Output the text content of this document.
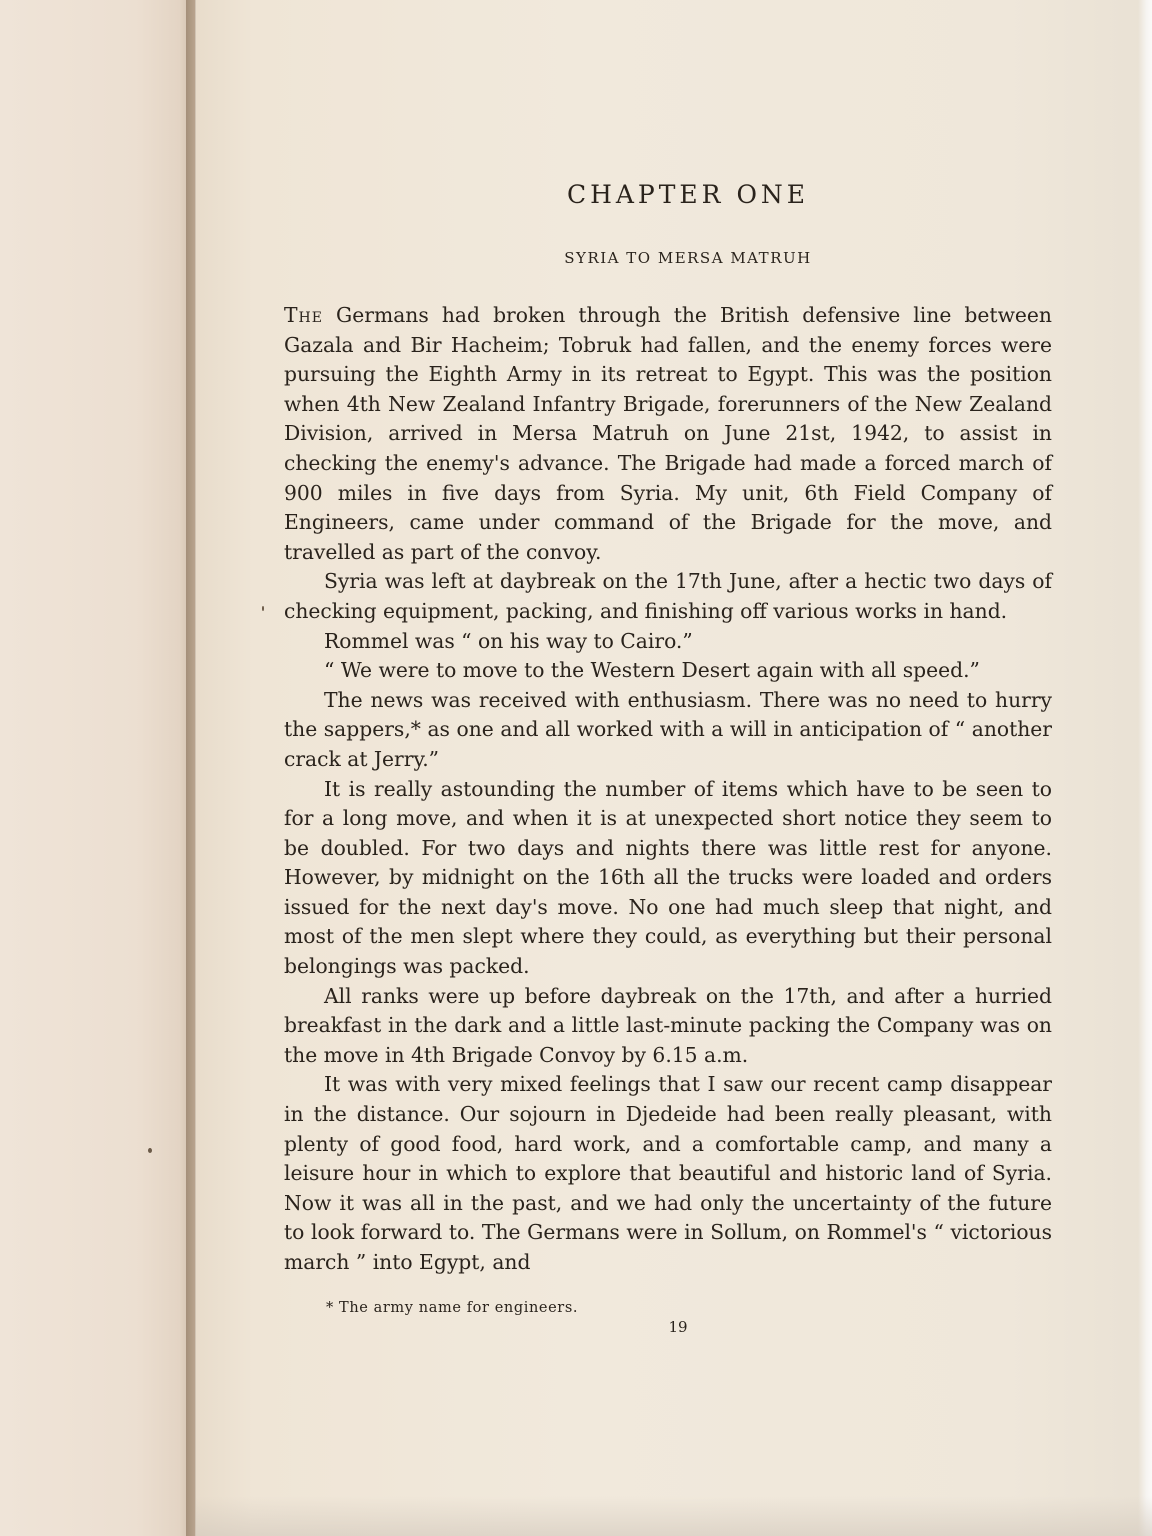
CHAPTER ONE
SYRIA TO MERSA MATRUH

The Germans had broken through the British defensive line between Gazala and Bir Hacheim; Tobruk had fallen, and the enemy forces were pursuing the Eighth Army in its retreat to Egypt. This was the position when 4th New Zealand Infantry Brigade, forerunners of the New Zealand Division, arrived in Mersa Matruh on June 21st, 1942, to assist in checking the enemy's advance. The Brigade had made a forced march of 900 miles in five days from Syria. My unit, 6th Field Company of Engineers, came under command of the Brigade for the move, and travelled as part of the convoy.

Syria was left at daybreak on the 17th June, after a hectic two days of checking equipment, packing, and finishing off various works in hand.

Rommel was “ on his way to Cairo.”

“ We were to move to the Western Desert again with all speed.”

The news was received with enthusiasm. There was no need to hurry the sappers,* as one and all worked with a will in anticipation of “ another crack at Jerry.”

It is really astounding the number of items which have to be seen to for a long move, and when it is at unexpected short notice they seem to be doubled. For two days and nights there was little rest for anyone. However, by midnight on the 16th all the trucks were loaded and orders issued for the next day's move. No one had much sleep that night, and most of the men slept where they could, as everything but their personal belongings was packed.

All ranks were up before daybreak on the 17th, and after a hurried breakfast in the dark and a little last-minute packing the Company was on the move in 4th Brigade Convoy by 6.15 a.m.

It was with very mixed feelings that I saw our recent camp disappear in the distance. Our sojourn in Djedeide had been really pleasant, with plenty of good food, hard work, and a comfortable camp, and many a leisure hour in which to explore that beautiful and historic land of Syria. Now it was all in the past, and we had only the uncertainty of the future to look forward to. The Germans were in Sollum, on Rommel's “ victorious march ” into Egypt, and

* The army name for engineers.
19
